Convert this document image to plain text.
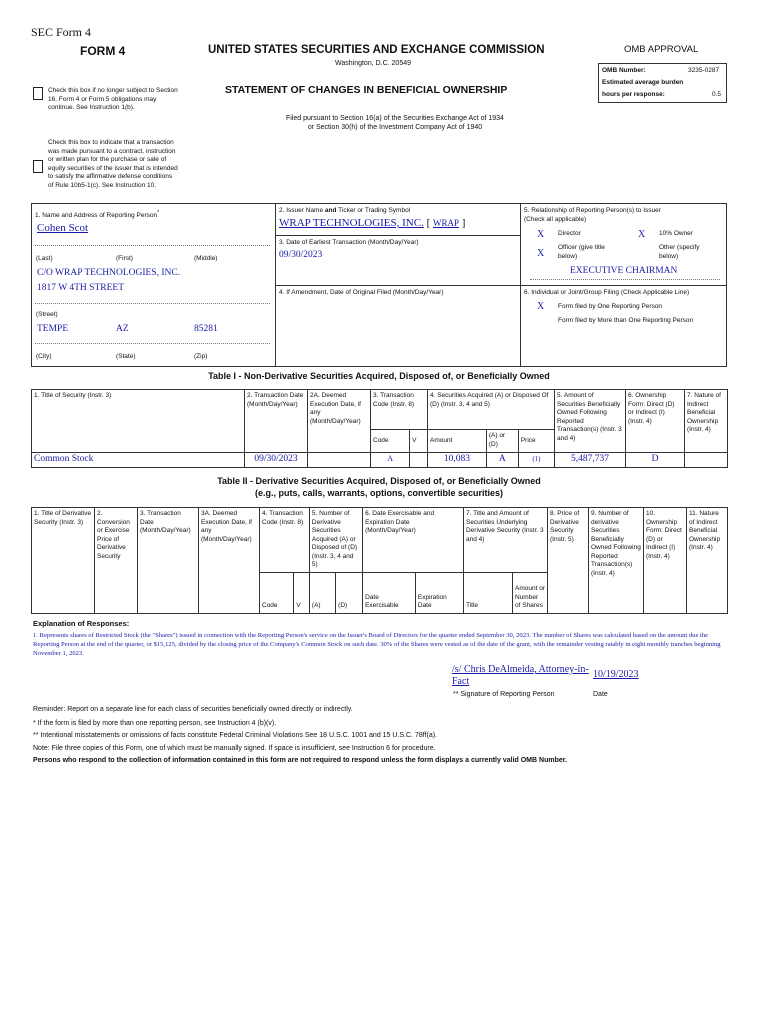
SEC Form 4
FORM 4	UNITED STATES SECURITIES AND EXCHANGE COMMISSION
Washington, D.C. 20549
Check this box if no longer subject to Section 16. Form 4 or Form 5 obligations may continue. See Instruction 1(b).
STATEMENT OF CHANGES IN BENEFICIAL OWNERSHIP
Filed pursuant to Section 16(a) of the Securities Exchange Act of 1934
or Section 30(h) of the Investment Company Act of 1940
Check this box to indicate that a transaction was made pursuant to a contract, instruction or written plan for the purchase or sale of equity securities of the issuer that is intended to satisfy the affirmative defense conditions of Rule 10b5-1(c). See Instruction 10.
OMB APPROVAL
OMB Number:	3235-0287
Estimated average burden
hours per response:	0.5
1. Name and Address of Reporting Person*
Cohen Scot
(Last)	(First)	(Middle)
C/O WRAP TECHNOLOGIES, INC.
1817 W 4TH STREET
(Street)
TEMPE	AZ	85281
(City)	(State)	(Zip)
2. Issuer Name and Ticker or Trading Symbol
WRAP TECHNOLOGIES, INC. [ WRAP ]
3. Date of Earliest Transaction (Month/Day/Year)
09/30/2023
4. If Amendment, Date of Original Filed (Month/Day/Year)
5. Relationship of Reporting Person(s) to Issuer
(Check all applicable)
X Director	X 10% Owner
X
Officer (give title below)
Other (specify below)
EXECUTIVE CHAIRMAN
6. Individual or Joint/Group Filing (Check Applicable Line)
X Form filed by One Reporting Person
Form filed by More than One Reporting Person
Table I - Non-Derivative Securities Acquired, Disposed of, or Beneficially Owned
1. Title of Security (Instr. 3)	2. Transaction Date (Month/Day/Year)	2A. Deemed Execution Date, if any (Month/Day/Year)	3. Transaction Code (Instr. 8)		4. Securities Acquired (A) or Disposed Of (D) (Instr. 3, 4 and 5)			5. Amount of Securities Beneficially Owned Following Reported Transaction(s) (Instr. 3 and 4)	6. Ownership Form: Direct (D) or Indirect (I) (Instr. 4)	7. Nature of Indirect Beneficial Ownership (Instr. 4)
			Code	V	Amount	(A) or (D)	Price			
Common Stock	09/30/2023		A		10,083	A	(1)	5,487,737	D	
Table II - Derivative Securities Acquired, Disposed of, or Beneficially Owned
(e.g., puts, calls, warrants, options, convertible securities)
1. Title of Derivative Security (Instr. 3)	2. Conversion or Exercise Price of Derivative Security	3. Transaction Date (Month/Day/Year)	3A. Deemed Execution Date, if any (Month/Day/Year)	4. Transaction Code (Instr. 8)		5. Number of Derivative Securities Acquired (A) or Disposed of (D) (Instr. 3, 4 and 5)		6. Date Exercisable and Expiration Date (Month/Day/Year)		7. Title and Amount of Securities Underlying Derivative Security (Instr. 3 and 4)		8. Price of Derivative Security (Instr. 5)	9. Number of derivative Securities Beneficially Owned Following Reported Transaction(s) (Instr. 4)	10. Ownership Form: Direct (D) or Indirect (I) (Instr. 4)	11. Nature of Indirect Beneficial Ownership (Instr. 4)
				Code	V	(A)	(D)	Date Exercisable	Expiration Date	Title	Amount or Number of Shares				
Explanation of Responses:
1. Represents shares of Restricted Stock (the "Shares") issued in connection with the Reporting Person's service on the Issuer's Board of Directors for the quarter ended September 30, 2023. The number of Shares was calculated based on the amount due the Reporting Person at the end of the quarter, or $15,125, divided by the closing price of the Company's Common Stock on such date. 30% of the Shares were vested as of the date of the grant, with the remainder vesting ratably in eight monthly tranches beginning November 1, 2023.
/s/ Chris DeAlmeida, Attorney-in-
Fact
10/19/2023
** Signature of Reporting Person	Date
Reminder: Report on a separate line for each class of securities beneficially owned directly or indirectly.
* If the form is filed by more than one reporting person, see Instruction 4 (b)(v).
** Intentional misstatements or omissions of facts constitute Federal Criminal Violations See 18 U.S.C. 1001 and 15 U.S.C. 78ff(a).
Note: File three copies of this Form, one of which must be manually signed. If space is insufficient, see Instruction 6 for procedure.
Persons who respond to the collection of information contained in this form are not required to respond unless the form displays a currently valid OMB Number.
